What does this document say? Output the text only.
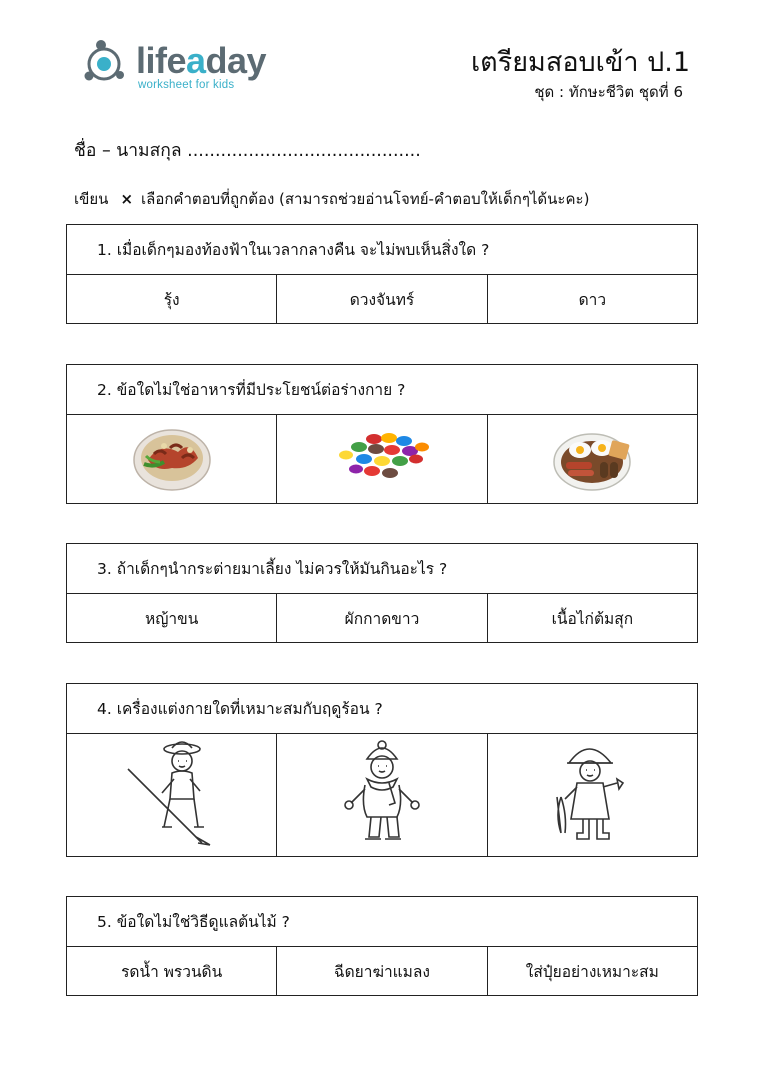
lifeaday
worksheet for kids
เตรียมสอบเข้า ป.1
ชุด : ทักษะชีวิต ชุดที่ 6
ชื่อ – นามสกุล ..........................................
เขียน × เลือกคำตอบที่ถูกต้อง (สามารถช่วยอ่านโจทย์-คำตอบให้เด็กๆได้นะคะ)
1. เมื่อเด็กๆมองท้องฟ้าในเวลากลางคืน จะไม่พบเห็นสิ่งใด ?
รุ้ง	ดวงจันทร์	ดาว
2. ข้อใดไม่ใช่อาหารที่มีประโยชน์ต่อร่างกาย ?
3. ถ้าเด็กๆนำกระต่ายมาเลี้ยง ไม่ควรให้มันกินอะไร ?
หญ้าขน	ผักกาดขาว	เนื้อไก่ต้มสุก
4. เครื่องแต่งกายใดที่เหมาะสมกับฤดูร้อน ?
5. ข้อใดไม่ใช่วิธีดูแลต้นไม้ ?
รดน้ำ พรวนดิน	ฉีดยาฆ่าแมลง	ใส่ปุ๋ยอย่างเหมาะสม
